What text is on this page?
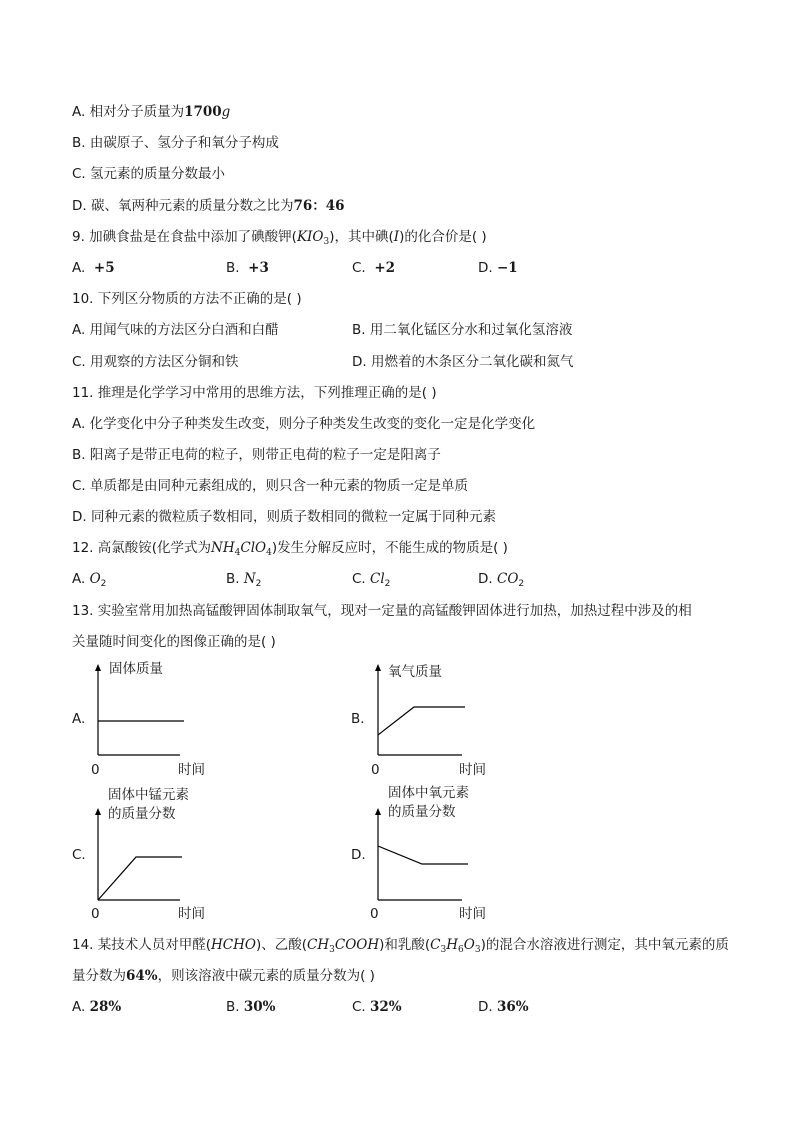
A. 相对分子质量为1700g
B. 由碳原子、氢分子和氧分子构成
C. 氢元素的质量分数最小
D. 碳、氧两种元素的质量分数之比为76：46
9. 加碘食盐是在食盐中添加了碘酸钾$(KIO_3)$，其中碘(I)的化合价是( )
A. +5	B. +3	C. +2	D. −1
10. 下列区分物质的方法不正确的是( )
A. 用闻气味的方法区分白酒和白醋	B. 用二氧化锰区分水和过氧化氢溶液
C. 用观察的方法区分铜和铁	D. 用燃着的木条区分二氧化碳和氮气
11. 推理是化学学习中常用的思维方法，下列推理正确的是( )
A. 化学变化中分子种类发生改变，则分子种类发生改变的变化一定是化学变化
B. 阳离子是带正电荷的粒子，则带正电荷的粒子一定是阳离子
C. 单质都是由同种元素组成的，则只含一种元素的物质一定是单质
D. 同种元素的微粒质子数相同，则质子数相同的微粒一定属于同种元素
12. 高氯酸铵(化学式为$NH_4ClO_4$)发生分解反应时，不能生成的物质是( )
A. $O_2$	B. $N_2$	C. $Cl_2$	D. $CO_2$
13. 实验室常用加热高锰酸钾固体制取氧气，现对一定量的高锰酸钾固体进行加热，加热过程中涉及的相
关量随时间变化的图像正确的是( )
固体质量
A.
0	时间
氧气质量
B.
0	时间
固体中锰元素
的质量分数
C.
0	时间
固体中氧元素
的质量分数
D.
0	时间
14. 某技术人员对甲醛(HCHO)、乙酸$(CH_3COOH)$和乳酸$(C_3H_6O_3)$的混合水溶液进行测定，其中氧元素的质
量分数为64%，则该溶液中碳元素的质量分数为( )
A. 28%	B. 30%	C. 32%	D. 36%
